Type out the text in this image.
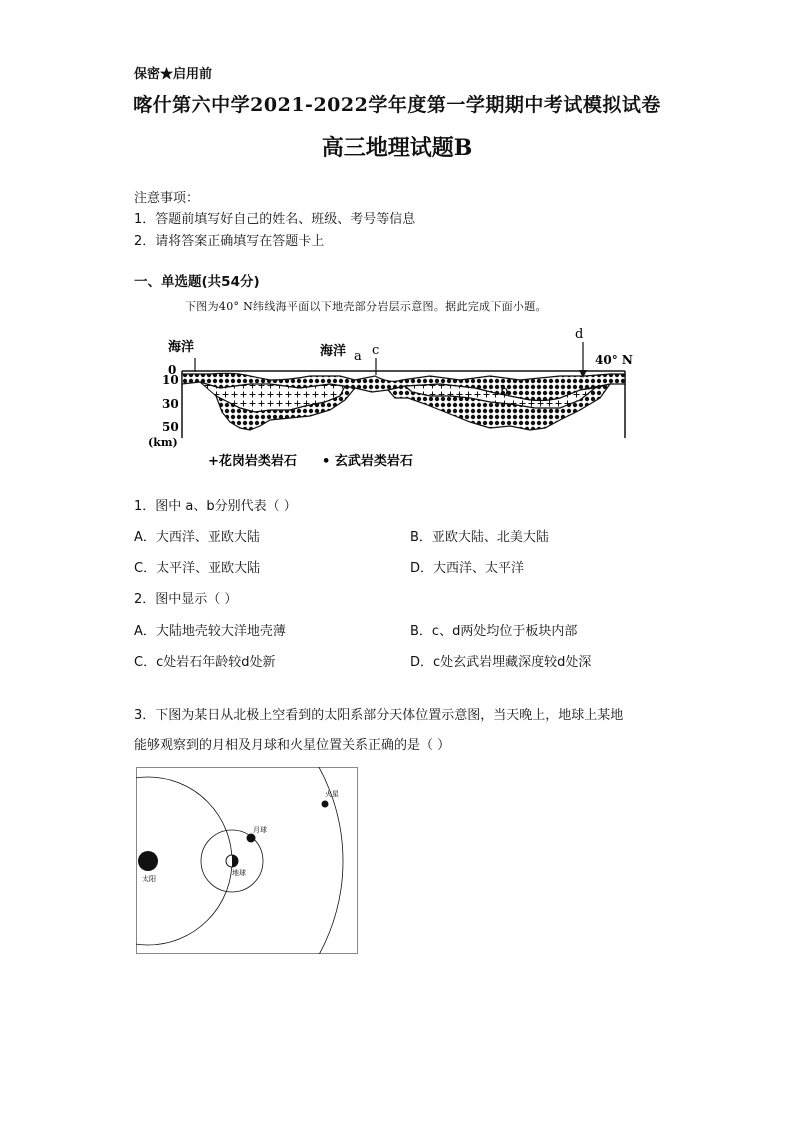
保密★启用前
喀什第六中学2021-2022学年度第一学期期中考试模拟试卷
高三地理试题B
注意事项：
1．答题前填写好自己的姓名、班级、考号等信息
2．请将答案正确填写在答题卡上
一、单选题(共54分)
下图为40° N纬线海平面以下地壳部分岩层示意图。据此完成下面小题。
海洋	海洋 a c
b
d
40° N
0
10
30
50
(km)
+花岗岩类岩石 • 玄武岩类岩石
1．图中 a、b分别代表（ ）
A．大西洋、亚欧大陆	B．亚欧大陆、北美大陆
C．太平洋、亚欧大陆	D．大西洋、太平洋
2．图中显示（ ）
A．大陆地壳较大洋地壳薄	B．c、d两处均位于板块内部
C．c处岩石年龄较d处新	D．c处玄武岩埋藏深度较d处深
3．下图为某日从北极上空看到的太阳系部分天体位置示意图，当天晚上，地球上某地
能够观察到的月相及月球和火星位置关系正确的是（ ）
太阳
地球
月球
火星
